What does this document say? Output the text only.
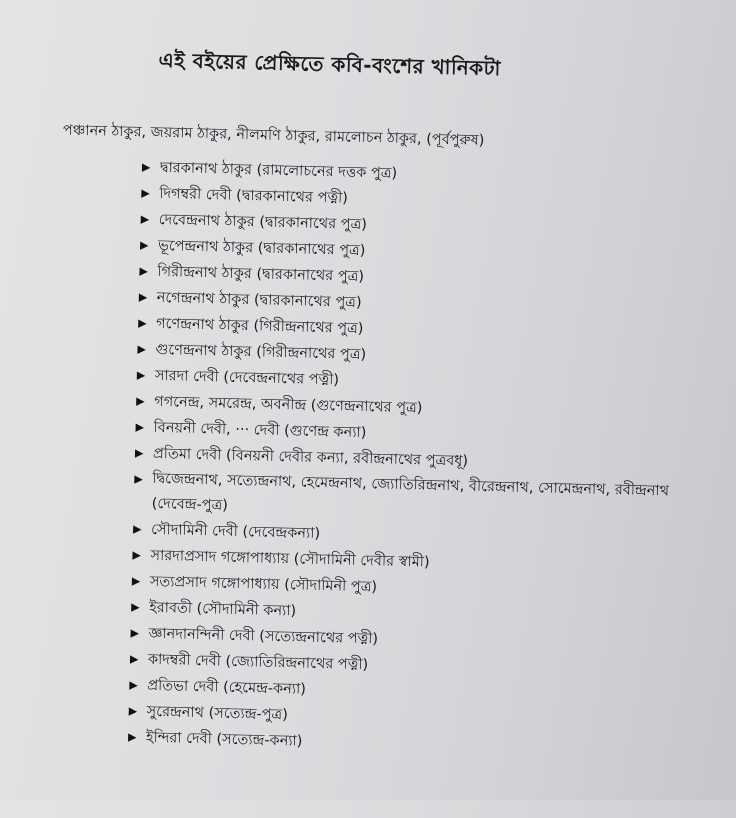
এই বইয়ের প্রেক্ষিতে কবি-বংশের খানিকটা
পঞ্চানন ঠাকুর, জয়রাম ঠাকুর, নীলমণি ঠাকুর, রামলোচন ঠাকুর, (পূর্বপুরুষ)
▶ দ্বারকানাথ ঠাকুর (রামলোচনের দত্তক পুত্র)
▶ দিগম্বরী দেবী (দ্বারকানাথের পত্নী)
▶ দেবেন্দ্রনাথ ঠাকুর (দ্বারকানাথের পুত্র)
▶ ভূপেন্দ্রনাথ ঠাকুর (দ্বারকানাথের পুত্র)
▶ গিরীন্দ্রনাথ ঠাকুর (দ্বারকানাথের পুত্র)
▶ নগেন্দ্রনাথ ঠাকুর (দ্বারকানাথের পুত্র)
▶ গণেন্দ্রনাথ ঠাকুর (গিরীন্দ্রনাথের পুত্র)
▶ গুণেন্দ্রনাথ ঠাকুর (গিরীন্দ্রনাথের পুত্র)
▶ সারদা দেবী (দেবেন্দ্রনাথের পত্নী)
▶ গগনেন্দ্র, সমরেন্দ্র, অবনীন্দ্র (গুণেন্দ্রনাথের পুত্র)
▶ বিনয়নী দেবী, ··· দেবী (গুণেন্দ্র কন্যা)
▶ প্রতিমা দেবী (বিনয়নী দেবীর কন্যা, রবীন্দ্রনাথের পুত্রবধূ)
▶ দ্বিজেন্দ্রনাথ, সত্যেন্দ্রনাথ, হেমেন্দ্রনাথ, জ্যোতিরিন্দ্রনাথ, বীরেন্দ্রনাথ, সোমেন্দ্রনাথ, রবীন্দ্রনাথ (দেবেন্দ্র-পুত্র)
▶ সৌদামিনী দেবী (দেবেন্দ্রকন্যা)
▶ সারদাপ্রসাদ গঙ্গোপাধ্যায় (সৌদামিনী দেবীর স্বামী)
▶ সত্যপ্রসাদ গঙ্গোপাধ্যায় (সৌদামিনী পুত্র)
▶ ইরাবতী (সৌদামিনী কন্যা)
▶ জ্ঞানদানন্দিনী দেবী (সত্যেন্দ্রনাথের পত্নী)
▶ কাদম্বরী দেবী (জ্যোতিরিন্দ্রনাথের পত্নী)
▶ প্রতিভা দেবী (হেমেন্দ্র-কন্যা)
▶ সুরেন্দ্রনাথ (সত্যেন্দ্র-পুত্র)
▶ ইন্দিরা দেবী (সত্যেন্দ্র-কন্যা)
